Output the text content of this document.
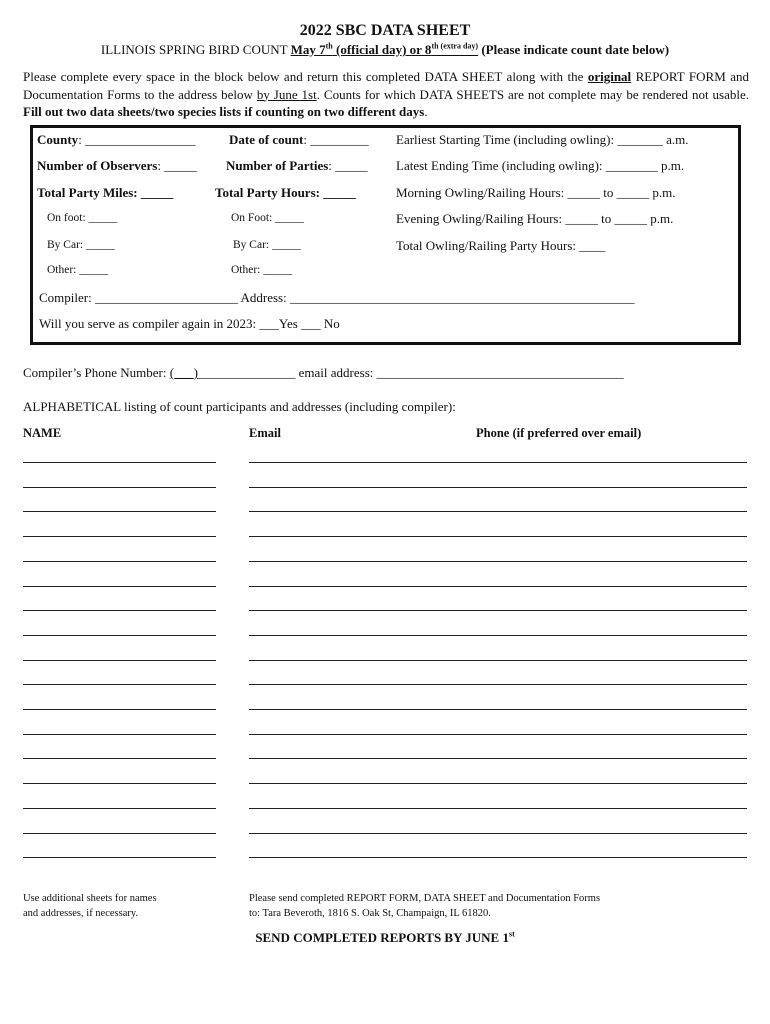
2022 SBC DATA SHEET
ILLINOIS SPRING BIRD COUNT May 7th (official day) or $8^{th (extra day)}$ (Please indicate count date below)
Please complete every space in the block below and return this completed DATA SHEET along with the original REPORT FORM and Documentation Forms to the address below by June 1st. Counts for which DATA SHEETS are not complete may be rendered not usable. Fill out two data sheets/two species lists if counting on two different days.
County: _________________	Date of count: _________ Earliest Starting Time (including owling): _______ a.m.
Number of Observers: _____ Number of Parties: _____ Latest Ending Time (including owling): ________ p.m.
Total Party Miles: _____	Total Party Hours: _____	Morning Owling/Railing Hours: _____ to _____ p.m.
On foot: _____	On Foot: _____	Evening Owling/Railing Hours: _____ to _____ p.m.
By Car: _____	By Car: _____	Total Owling/Railing Party Hours: ____
Other: _____	Other: _____
Compiler: ______________________ Address: _____________________________________________________
Will you serve as compiler again in 2023: ___Yes ___ No
Compiler’s Phone Number: (___)_______________ email address: ______________________________________
ALPHABETICAL listing of count participants and addresses (including compiler):
NAME	Email	Phone (if preferred over email)
Use additional sheets for names
and addresses, if necessary.
Please send completed REPORT FORM, DATA SHEET and Documentation Forms
to: Tara Beveroth, 1816 S. Oak St, Champaign, IL 61820.
SEND COMPLETED REPORTS BY JUNE 1st
